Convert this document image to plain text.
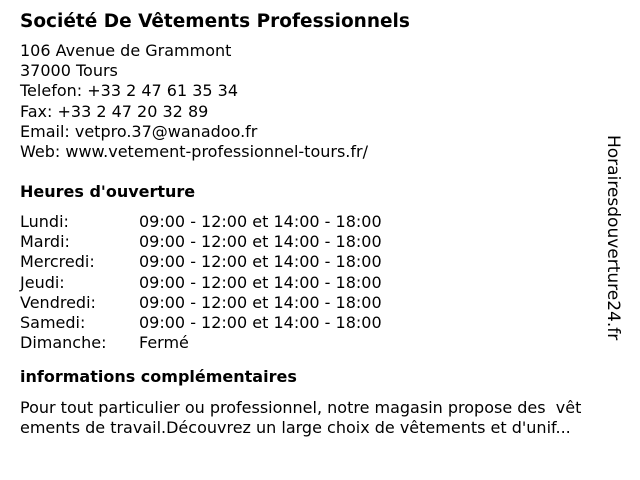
Société De Vêtements Professionnels
106 Avenue de Grammont
37000 Tours
Telefon: +33 2 47 61 35 34
Fax: +33 2 47 20 32 89
Email: vetpro.37@wanadoo.fr
Web: www.vetement-professionnel-tours.fr/
Heures d'ouverture
Lundi:	09:00 - 12:00 et 14:00 - 18:00
Mardi:	09:00 - 12:00 et 14:00 - 18:00
Mercredi:	09:00 - 12:00 et 14:00 - 18:00
Jeudi:	09:00 - 12:00 et 14:00 - 18:00
Vendredi:	09:00 - 12:00 et 14:00 - 18:00
Samedi:	09:00 - 12:00 et 14:00 - 18:00
Dimanche:	Fermé
informations complémentaires
Pour tout particulier ou professionnel, notre magasin propose des  vêt
ements de travail.Découvrez un large choix de vêtements et d'unif...
Horairesdouverture24.fr
